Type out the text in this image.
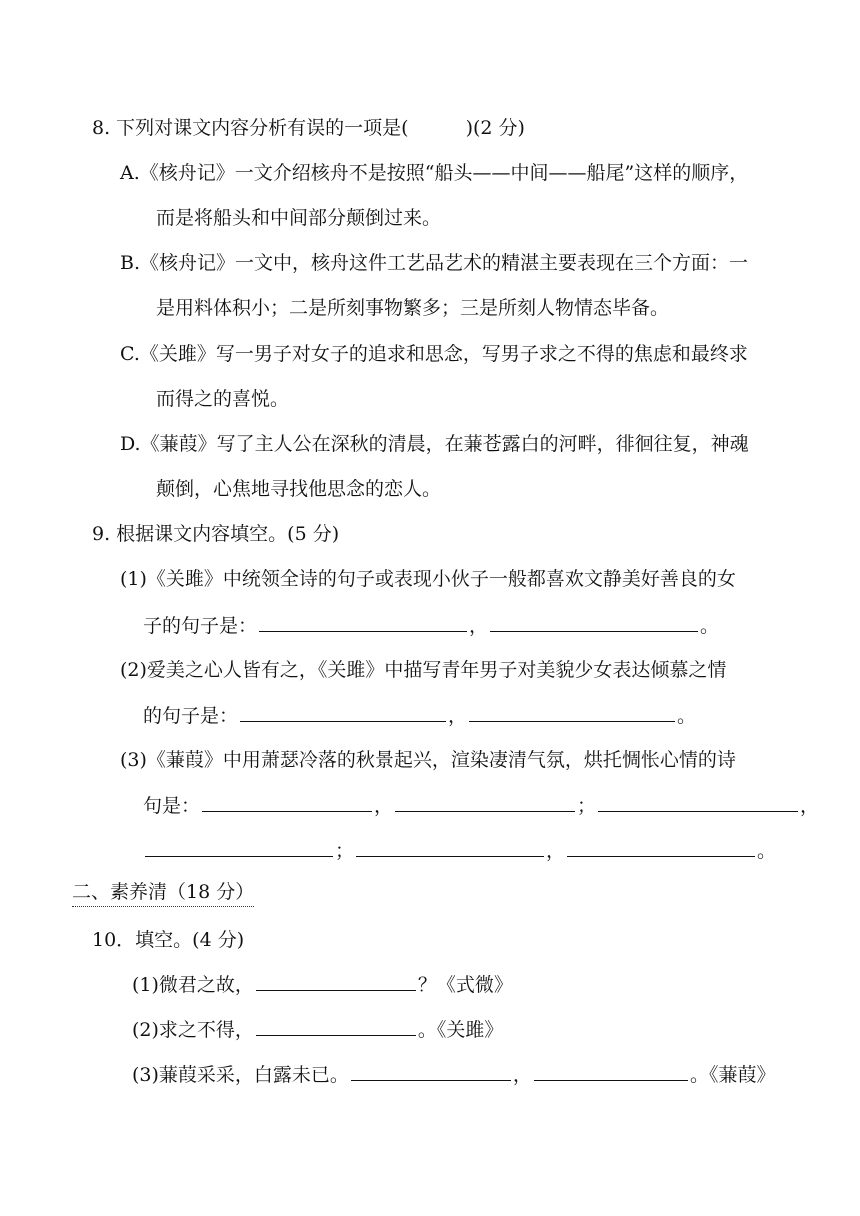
8. 下列对课文内容分析有误的一项是(　　　)(2 分)
A.《核舟记》一文介绍核舟不是按照“船头——中间——船尾”这样的顺序，
而是将船头和中间部分颠倒过来。
B.《核舟记》一文中，核舟这件工艺品艺术的精湛主要表现在三个方面：一
是用料体积小；二是所刻事物繁多；三是所刻人物情态毕备。
C.《关雎》写一男子对女子的追求和思念，写男子求之不得的焦虑和最终求
而得之的喜悦。
D.《蒹葭》写了主人公在深秋的清晨，在蒹苍露白的河畔，徘徊往复，神魂
颠倒，心焦地寻找他思念的恋人。
9. 根据课文内容填空。(5 分)
(1)《关雎》中统领全诗的句子或表现小伙子一般都喜欢文静美好善良的女
子的句子是：	，	。
(2)爱美之心人皆有之，《关雎》中描写青年男子对美貌少女表达倾慕之情
的句子是：	，	。
(3)《蒹葭》中用萧瑟冷落的秋景起兴，渲染凄清气氛，烘托惆怅心情的诗
句是：	，	；	，
；	，	。
二、素养清（18 分）
10．填空。(4 分)
(1)微君之故，	？《式微》
(2)求之不得，	。《关雎》
(3)蒹葭采采，白露未已。	，	。《蒹葭》
